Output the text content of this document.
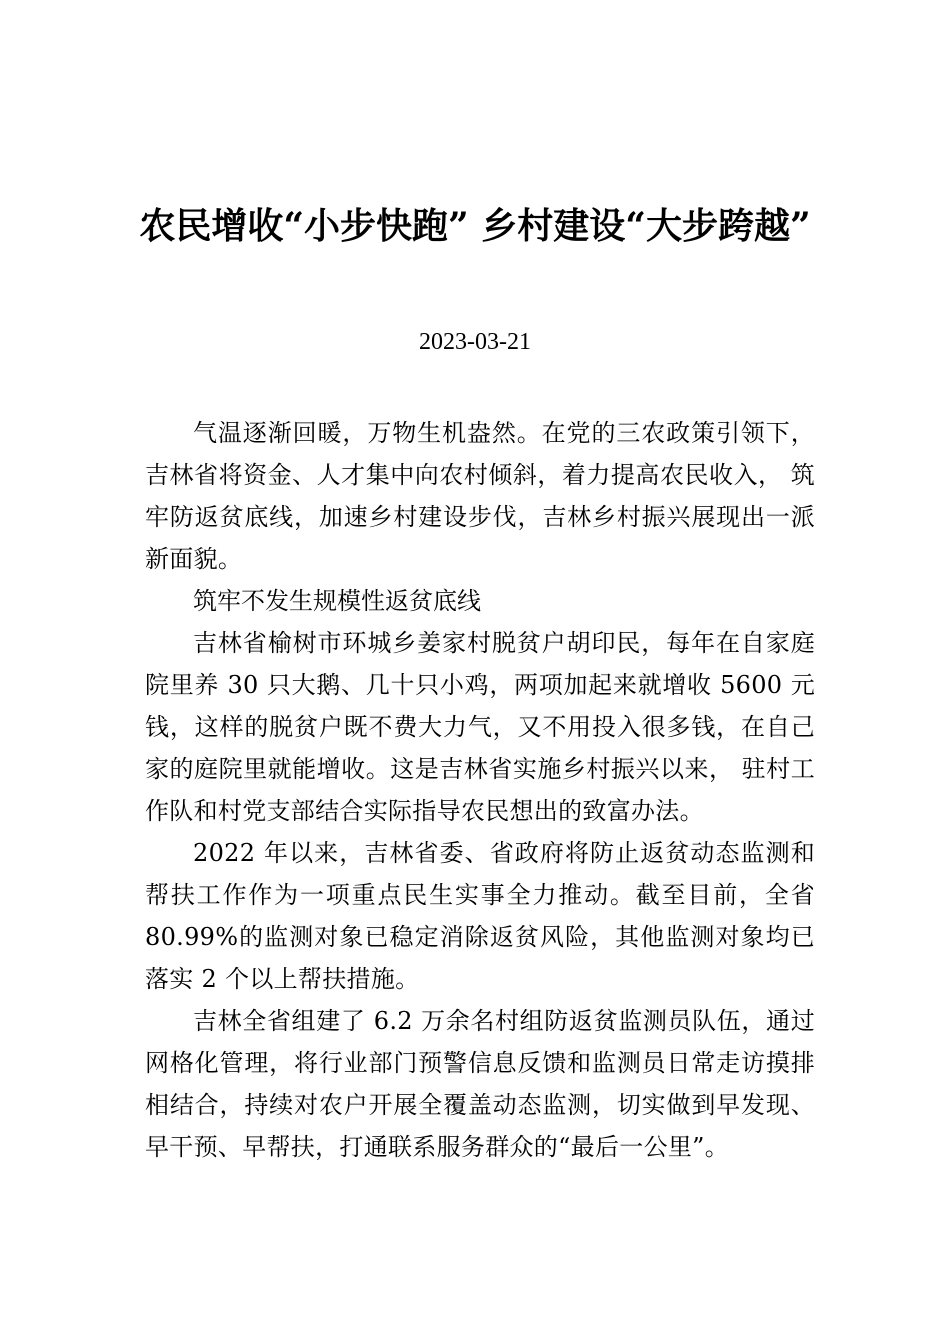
农民增收“小步快跑” 乡村建设“大步跨越”
2023-03-21

气温逐渐回暖，万物生机盎然。在党的三农政策引领下，吉林省将资金、人才集中向农村倾斜，着力提高农民收入， 筑牢防返贫底线，加速乡村建设步伐，吉林乡村振兴展现出一派新面貌。

筑牢不发生规模性返贫底线

吉林省榆树市环城乡姜家村脱贫户胡印民，每年在自家庭院里养 30 只大鹅、几十只小鸡，两项加起来就增收 5600 元钱，这样的脱贫户既不费大力气，又不用投入很多钱，在自己家的庭院里就能增收。这是吉林省实施乡村振兴以来， 驻村工作队和村党支部结合实际指导农民想出的致富办法。

2022 年以来，吉林省委、省政府将防止返贫动态监测和帮扶工作作为一项重点民生实事全力推动。截至目前，全省 80.99%的监测对象已稳定消除返贫风险，其他监测对象均已落实 2 个以上帮扶措施。

吉林全省组建了 6.2 万余名村组防返贫监测员队伍，通过网格化管理，将行业部门预警信息反馈和监测员日常走访摸排相结合，持续对农户开展全覆盖动态监测，切实做到早发现、早干预、早帮扶，打通联系服务群众的“最后一公里”。
